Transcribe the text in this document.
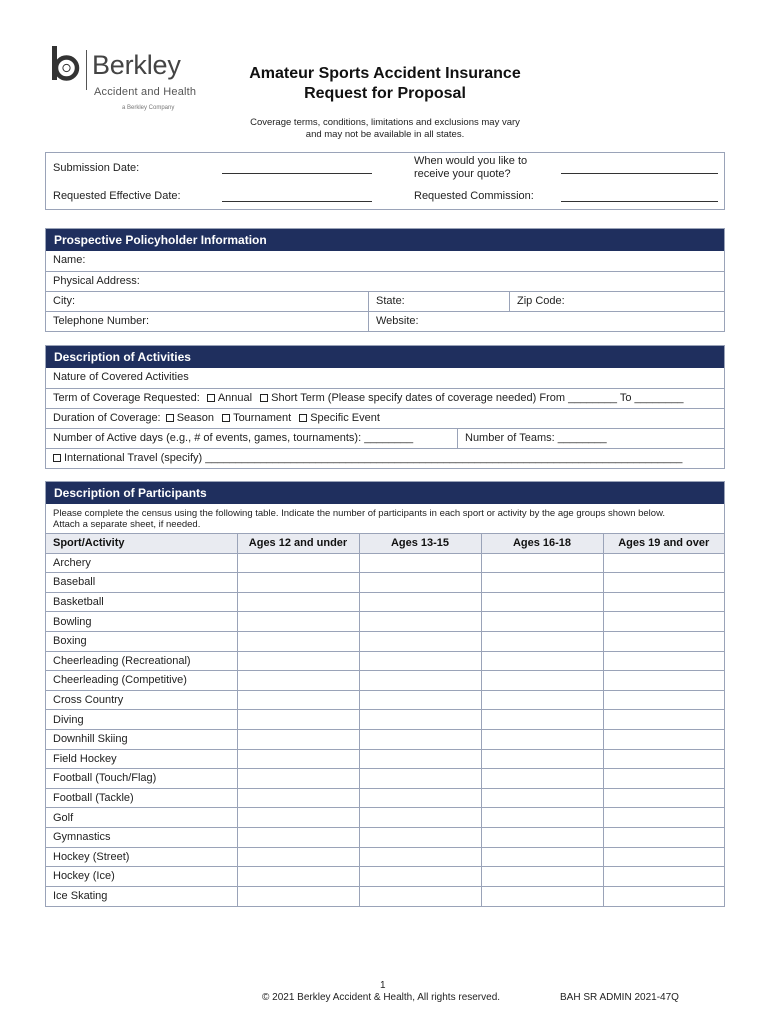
Berkley
Accident and Health
a Berkley Company
Amateur Sports Accident Insurance
Request for Proposal
Coverage terms, conditions, limitations and exclusions may vary
and may not be available in all states.
Submission Date:
Requested Effective Date:
When would you like to
receive your quote?
Requested Commission:
Prospective Policyholder Information
Name:
Physical Address:
City:	State:	Zip Code:
Telephone Number:	Website:
Description of Activities
Nature of Covered Activities
Term of Coverage Requested: Annual Short Term (Please specify dates of coverage needed) From ________ To ________
Duration of Coverage: Season Tournament Specific Event
Number of Active days (e.g., # of events, games, tournaments): ________	Number of Teams: ________
International Travel (specify) ______________________________________________________________________________
Description of Participants
Please complete the census using the following table. Indicate the number of participants in each sport or activity by the age groups shown below.
Attach a separate sheet, if needed.
Sport/Activity	Ages 12 and under	Ages 13-15	Ages 16-18	Ages 19 and over
Archery				
Baseball				
Basketball				
Bowling				
Boxing				
Cheerleading (Recreational)				
Cheerleading (Competitive)				
Cross Country				
Diving				
Downhill Skiing				
Field Hockey				
Football (Touch/Flag)				
Football (Tackle)				
Golf				
Gymnastics				
Hockey (Street)				
Hockey (Ice)				
Ice Skating				
1
© 2021 Berkley Accident & Health, All rights reserved.	BAH SR ADMIN 2021-47Q
